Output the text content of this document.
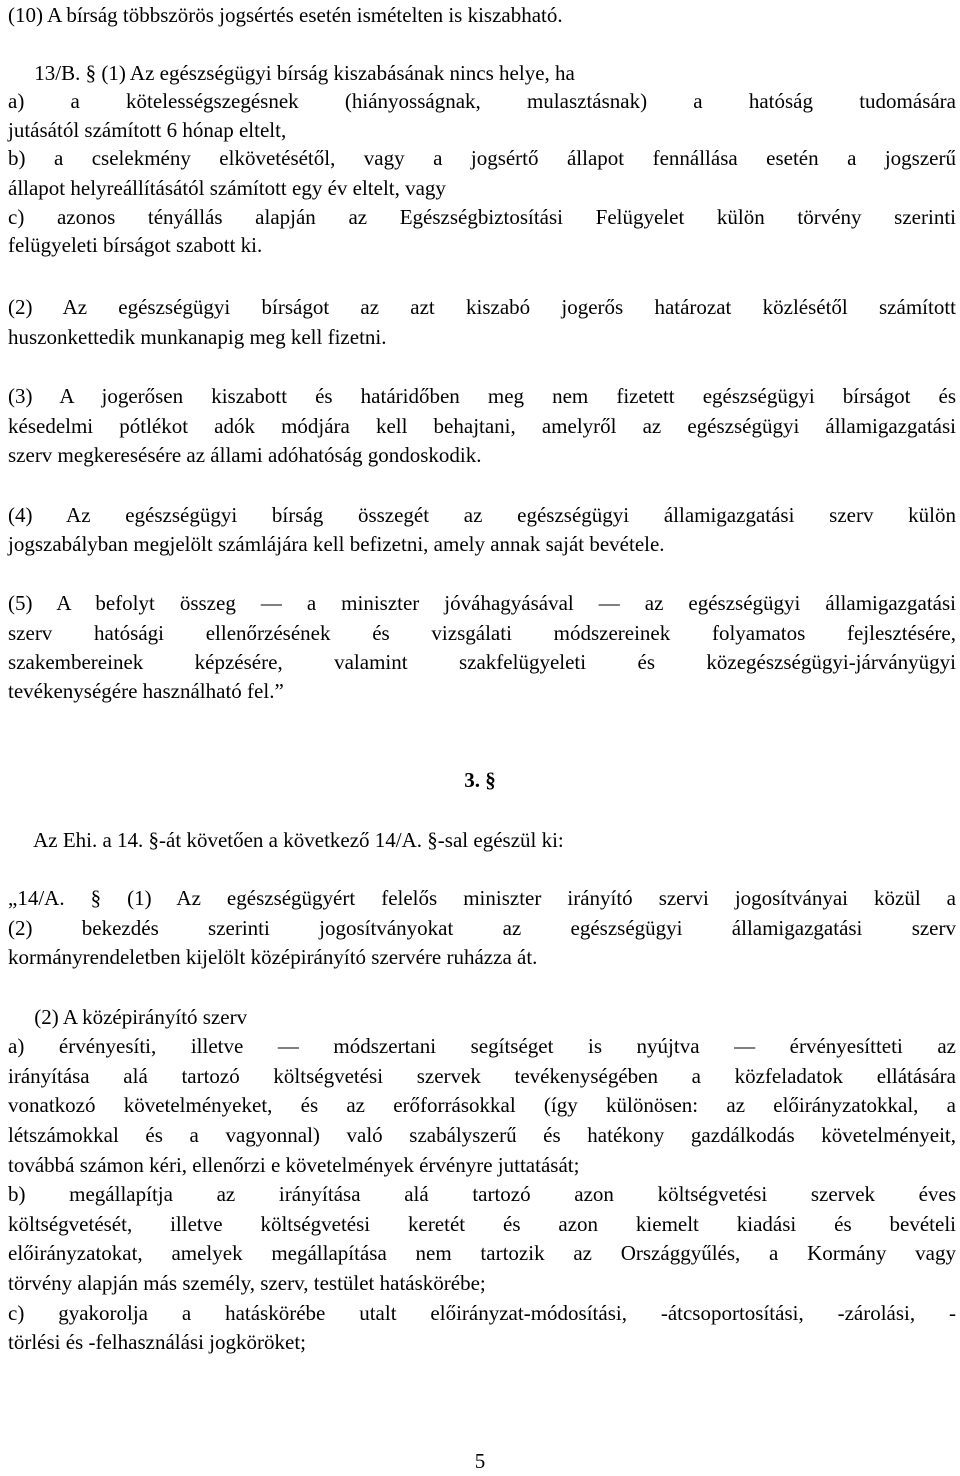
(10) A bírság többszörös jogsértés esetén ismételten is kiszabható.
13/B. § (1) Az egészségügyi bírság kiszabásának nincs helye, ha
a) a kötelességszegésnek (hiányosságnak, mulasztásnak) a hatóság tudomására
jutásától számított 6 hónap eltelt,
b) a cselekmény elkövetésétől, vagy a jogsértő állapot fennállása esetén a jogszerű
állapot helyreállításától számított egy év eltelt, vagy
c) azonos tényállás alapján az Egészségbiztosítási Felügyelet külön törvény szerinti
felügyeleti bírságot szabott ki.
(2) Az egészségügyi bírságot az azt kiszabó jogerős határozat közlésétől számított
huszonkettedik munkanapig meg kell fizetni.
(3) A jogerősen kiszabott és határidőben meg nem fizetett egészségügyi bírságot és
késedelmi pótlékot adók módjára kell behajtani, amelyről az egészségügyi államigazgatási
szerv megkeresésére az állami adóhatóság gondoskodik.
(4) Az egészségügyi bírság összegét az egészségügyi államigazgatási szerv külön
jogszabályban megjelölt számlájára kell befizetni, amely annak saját bevétele.
(5) A befolyt összeg — a miniszter jóváhagyásával — az egészségügyi államigazgatási
szerv hatósági ellenőrzésének és vizsgálati módszereinek folyamatos fejlesztésére,
szakembereinek képzésére, valamint szakfelügyeleti és közegészségügyi-járványügyi
tevékenységére használható fel.”
3. §
Az Ehi. a 14. §-át követően a következő 14/A. §-sal egészül ki:
„14/A. § (1) Az egészségügyért felelős miniszter irányító szervi jogosítványai közül a
(2) bekezdés szerinti jogosítványokat az egészségügyi államigazgatási szerv
kormányrendeletben kijelölt középirányító szervére ruházza át.
(2) A középirányító szerv
a) érvényesíti, illetve — módszertani segítséget is nyújtva — érvényesítteti az
irányítása alá tartozó költségvetési szervek tevékenységében a közfeladatok ellátására
vonatkozó követelményeket, és az erőforrásokkal (így különösen: az előirányzatokkal, a
létszámokkal és a vagyonnal) való szabályszerű és hatékony gazdálkodás követelményeit,
továbbá számon kéri, ellenőrzi e követelmények érvényre juttatását;
b) megállapítja az irányítása alá tartozó azon költségvetési szervek éves
költségvetését, illetve költségvetési keretét és azon kiemelt kiadási és bevételi
előirányzatokat, amelyek megállapítása nem tartozik az Országgyűlés, a Kormány vagy
törvény alapján más személy, szerv, testület hatáskörébe;
c) gyakorolja a hatáskörébe utalt előirányzat-módosítási, -átcsoportosítási, -zárolási, -
törlési és -felhasználási jogköröket;
5
